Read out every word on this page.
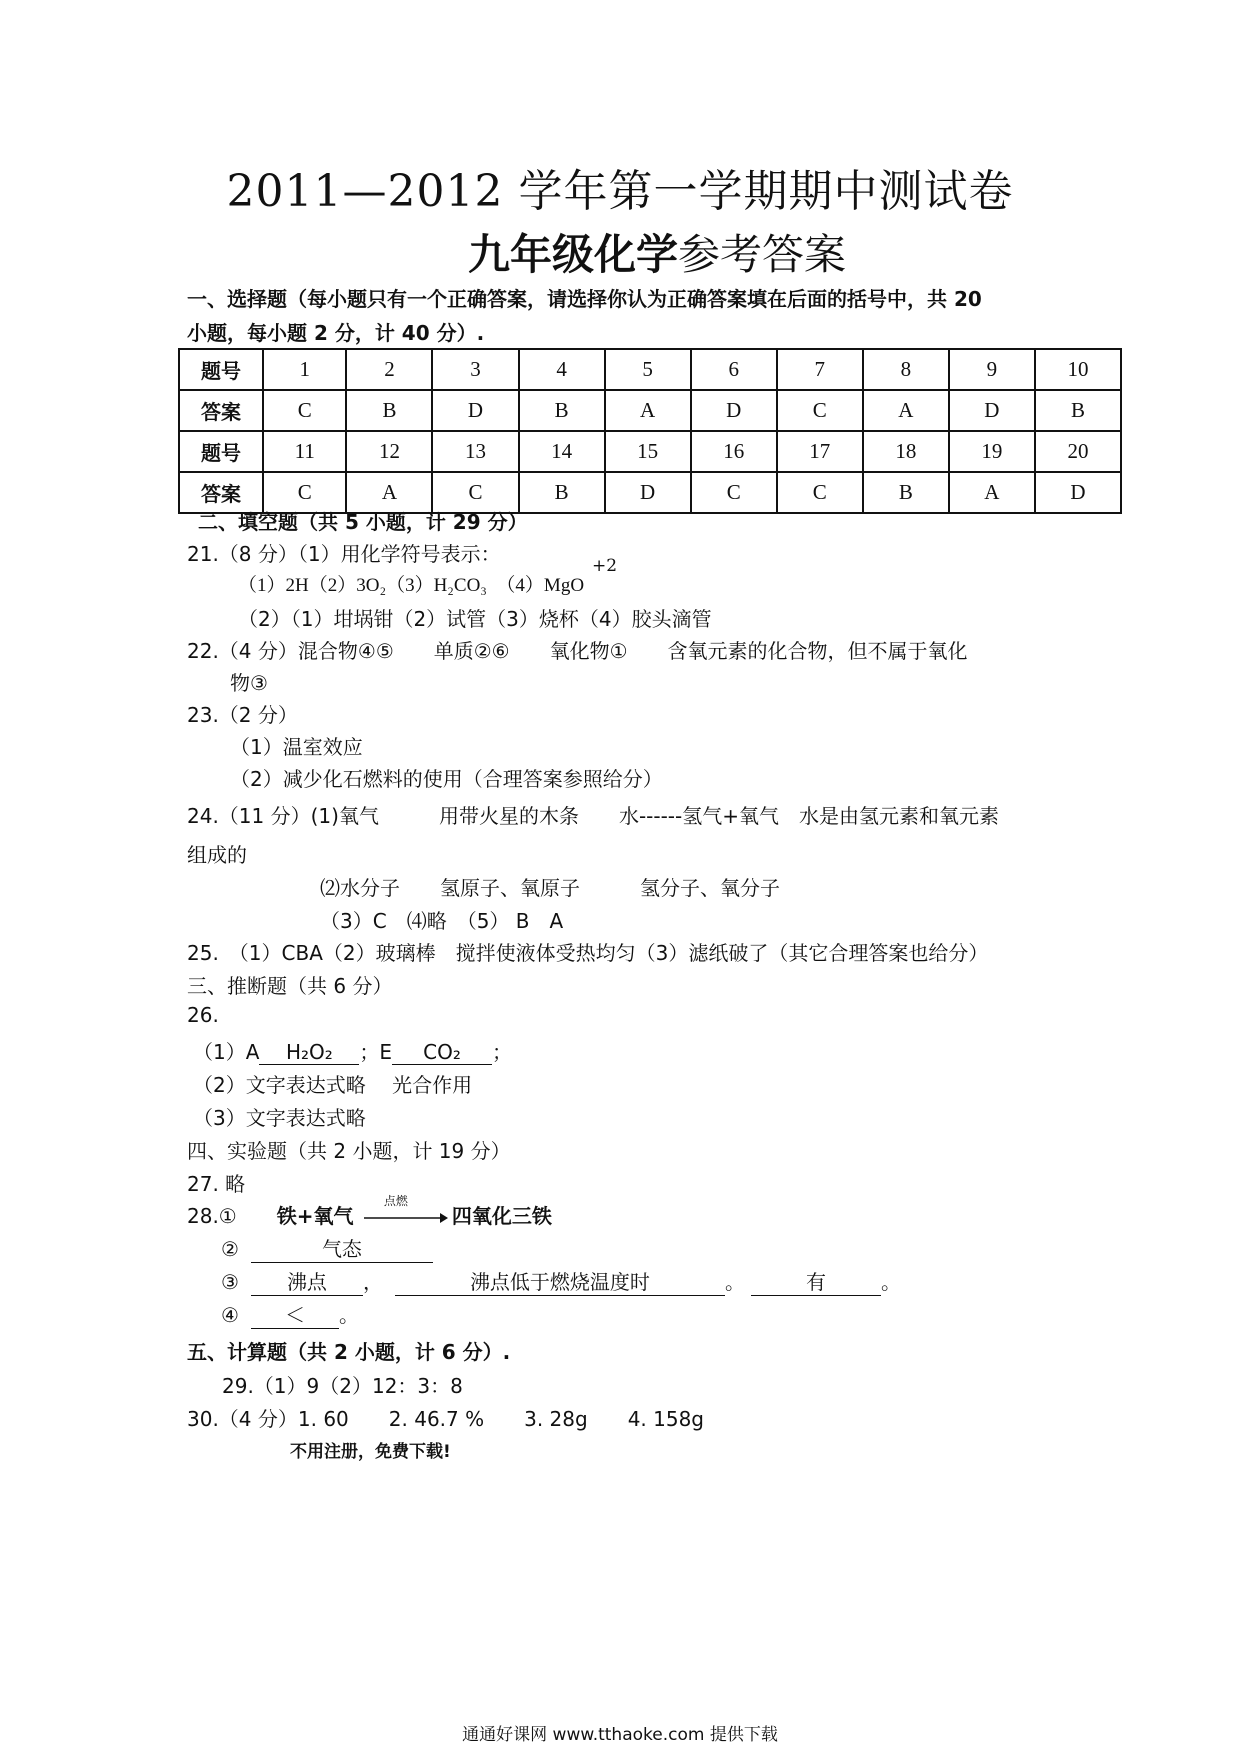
2011—2012 学年第一学期期中测试卷
九年级化学参考答案
一、选择题（每小题只有一个正确答案，请选择你认为正确答案填在后面的括号中，共 20
小题，每小题 2 分，计 40 分）.
题号	1	2	3	4	5	6	7	8	9	10
答案	C	B	D	B	A	D	C	A	D	B
题号	11	12	13	14	15	16	17	18	19	20
答案	C	A	C	B	D	C	C	B	A	D
二、填空题（共 5 小题，计 29 分）
21.（8 分）（1）用化学符号表示：
（1）2H（2）3O₂（3）H₂CO₃　（4）MgO
+2
（2）（1）坩埚钳（2）试管（3）烧杯（4）胶头滴管
22.（4 分）混合物④⑤　　单质②⑥　　氧化物①　　含氧元素的化合物，但不属于氧化
物③
23.（2 分）
（1）温室效应
（2）减少化石燃料的使用（合理答案参照给分）
24.（11 分）(1)氧气　　　用带火星的木条　　水------氢气+氧气　水是由氢元素和氧元素
组成的
⑵水分子　　氢原子、氧原子　　　氢分子、氧分子
（3）C　⑷略　（5） B　A
25.　（1）CBA（2）玻璃棒　搅拌使液体受热均匀（3）滤纸破了（其它合理答案也给分）
三、推断题（共 6 分）
26.
（1）A H₂O₂ ；E CO₂ ；
（2）文字表达式略　 光合作用
（3）文字表达式略
四、实验题（共 2 小题，计 19 分）
27. 略
28.① 铁+氧气
点燃
四氧化三铁
②	气态
③ 沸点 ，	沸点低于燃烧温度时	。	有	。
④ ＜ 。
五、计算题（共 2 小题，计 6 分）.
29.（1）9（2）12：3：8
30.（4 分）1. 60　　2. 46.7 %　　3. 28g　　4. 158g
不用注册，免费下载!
通通好课网 www.tthaoke.com 提供下载
